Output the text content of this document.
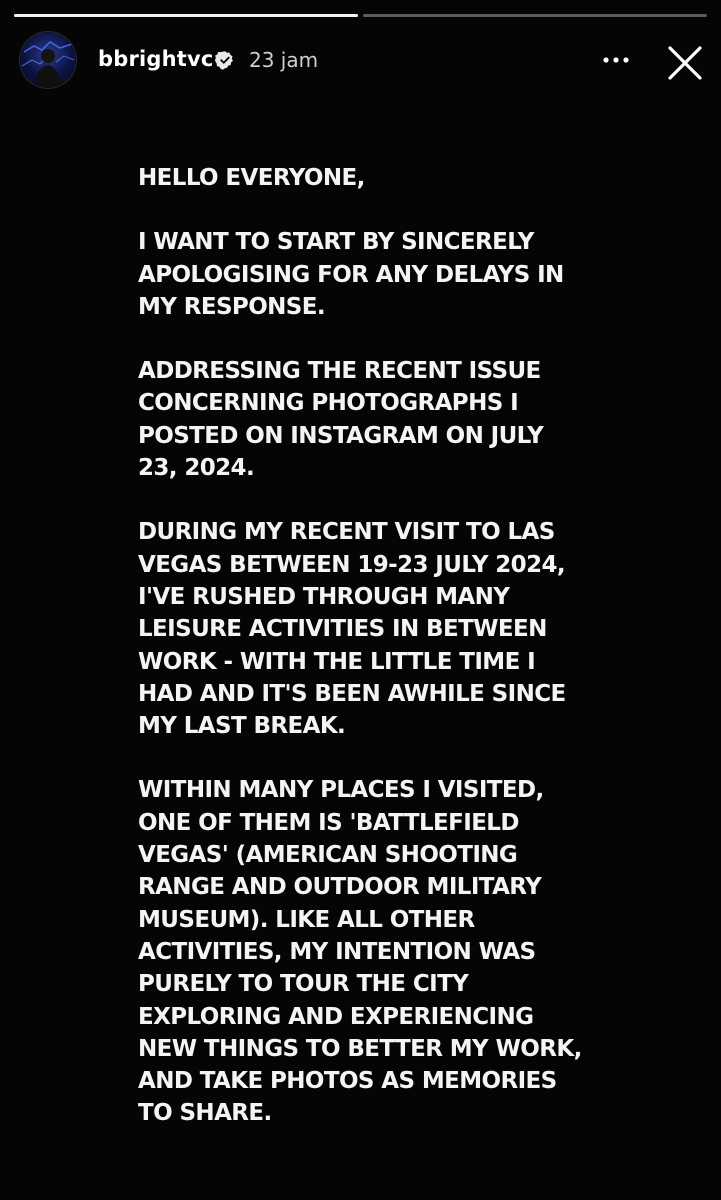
bbrightvc 23 jam
HELLO EVERYONE,
I WANT TO START BY SINCERELY
APOLOGISING FOR ANY DELAYS IN
MY RESPONSE.
ADDRESSING THE RECENT ISSUE
CONCERNING PHOTOGRAPHS I
POSTED ON INSTAGRAM ON JULY
23, 2024.
DURING MY RECENT VISIT TO LAS
VEGAS BETWEEN 19-23 JULY 2024,
I'VE RUSHED THROUGH MANY
LEISURE ACTIVITIES IN BETWEEN
WORK - WITH THE LITTLE TIME I
HAD AND IT'S BEEN AWHILE SINCE
MY LAST BREAK.
WITHIN MANY PLACES I VISITED,
ONE OF THEM IS 'BATTLEFIELD
VEGAS' (AMERICAN SHOOTING
RANGE AND OUTDOOR MILITARY
MUSEUM). LIKE ALL OTHER
ACTIVITIES, MY INTENTION WAS
PURELY TO TOUR THE CITY
EXPLORING AND EXPERIENCING
NEW THINGS TO BETTER MY WORK,
AND TAKE PHOTOS AS MEMORIES
TO SHARE.
